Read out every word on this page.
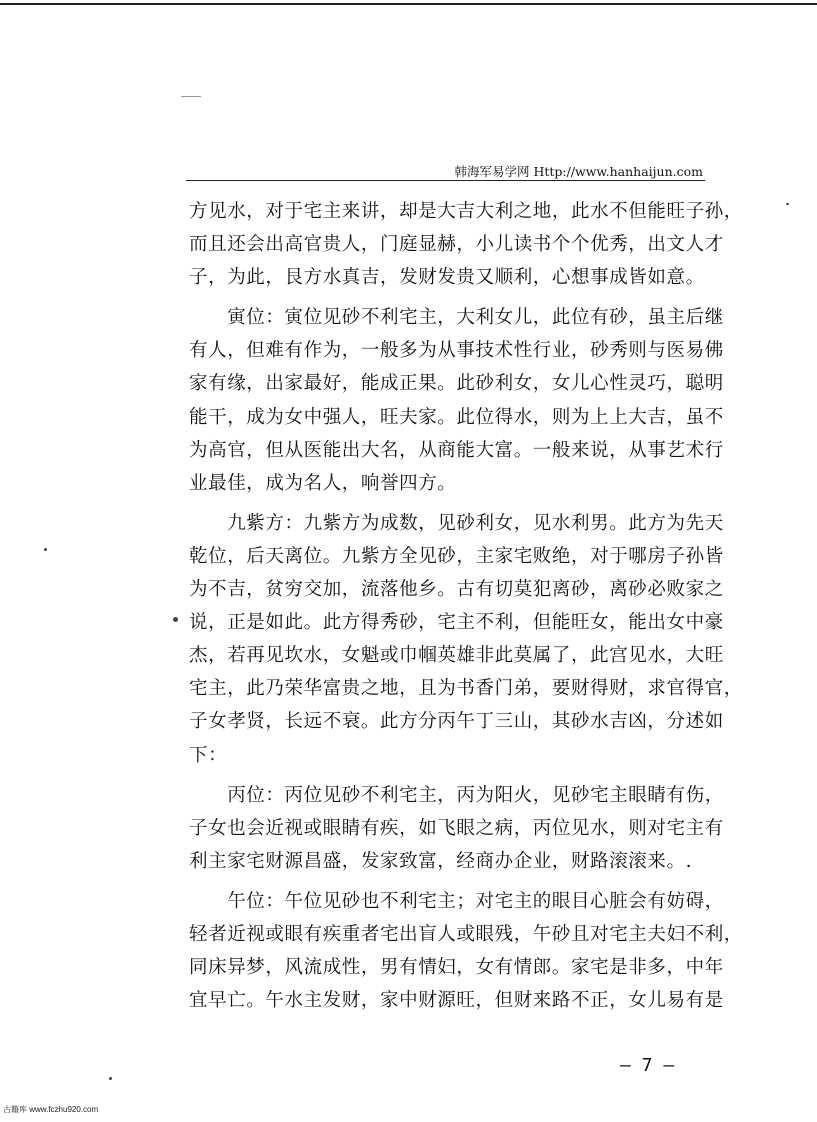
韩海军易学网 Http://www.hanhaijun.com

方见水，对于宅主来讲，却是大吉大利之地，此水不但能旺子孙，

而且还会出高官贵人，门庭显赫，小儿读书个个优秀，出文人才

子，为此，艮方水真吉，发财发贵又顺利，心想事成皆如意。

　　寅位：寅位见砂不利宅主，大利女儿，此位有砂，虽主后继

有人，但难有作为，一般多为从事技术性行业，砂秀则与医易佛

家有缘，出家最好，能成正果。此砂利女，女儿心性灵巧，聪明

能干，成为女中强人，旺夫家。此位得水，则为上上大吉，虽不

为高官，但从医能出大名，从商能大富。一般来说，从事艺术行

业最佳，成为名人，响誉四方。

　　九紫方：九紫方为成数，见砂利女，见水利男。此方为先天

乾位，后天离位。九紫方全见砂，主家宅败绝，对于哪房子孙皆

为不吉，贫穷交加，流落他乡。古有切莫犯离砂，离砂必败家之

说，正是如此。此方得秀砂，宅主不利，但能旺女，能出女中豪

杰，若再见坎水，女魁或巾帼英雄非此莫属了，此宫见水，大旺

宅主，此乃荣华富贵之地，且为书香门弟，要财得财，求官得官，

子女孝贤，长远不衰。此方分丙午丁三山，其砂水吉凶，分述如

下：

　　丙位：丙位见砂不利宅主，丙为阳火，见砂宅主眼睛有伤，

子女也会近视或眼睛有疾，如飞眼之病，丙位见水，则对宅主有

利主家宅财源昌盛，发家致富，经商办企业，财路滚滚来。.

　　午位：午位见砂也不利宅主；对宅主的眼目心脏会有妨碍，

轻者近视或眼有疾重者宅出盲人或眼残，午砂且对宅主夫妇不利，

同床异梦，风流成性，男有情妇，女有情郎。家宅是非多，中年

宜早亡。午水主发财，家中财源旺，但财来路不正，女儿易有是

— 7 —
古籍库 www.fczhu920.com
